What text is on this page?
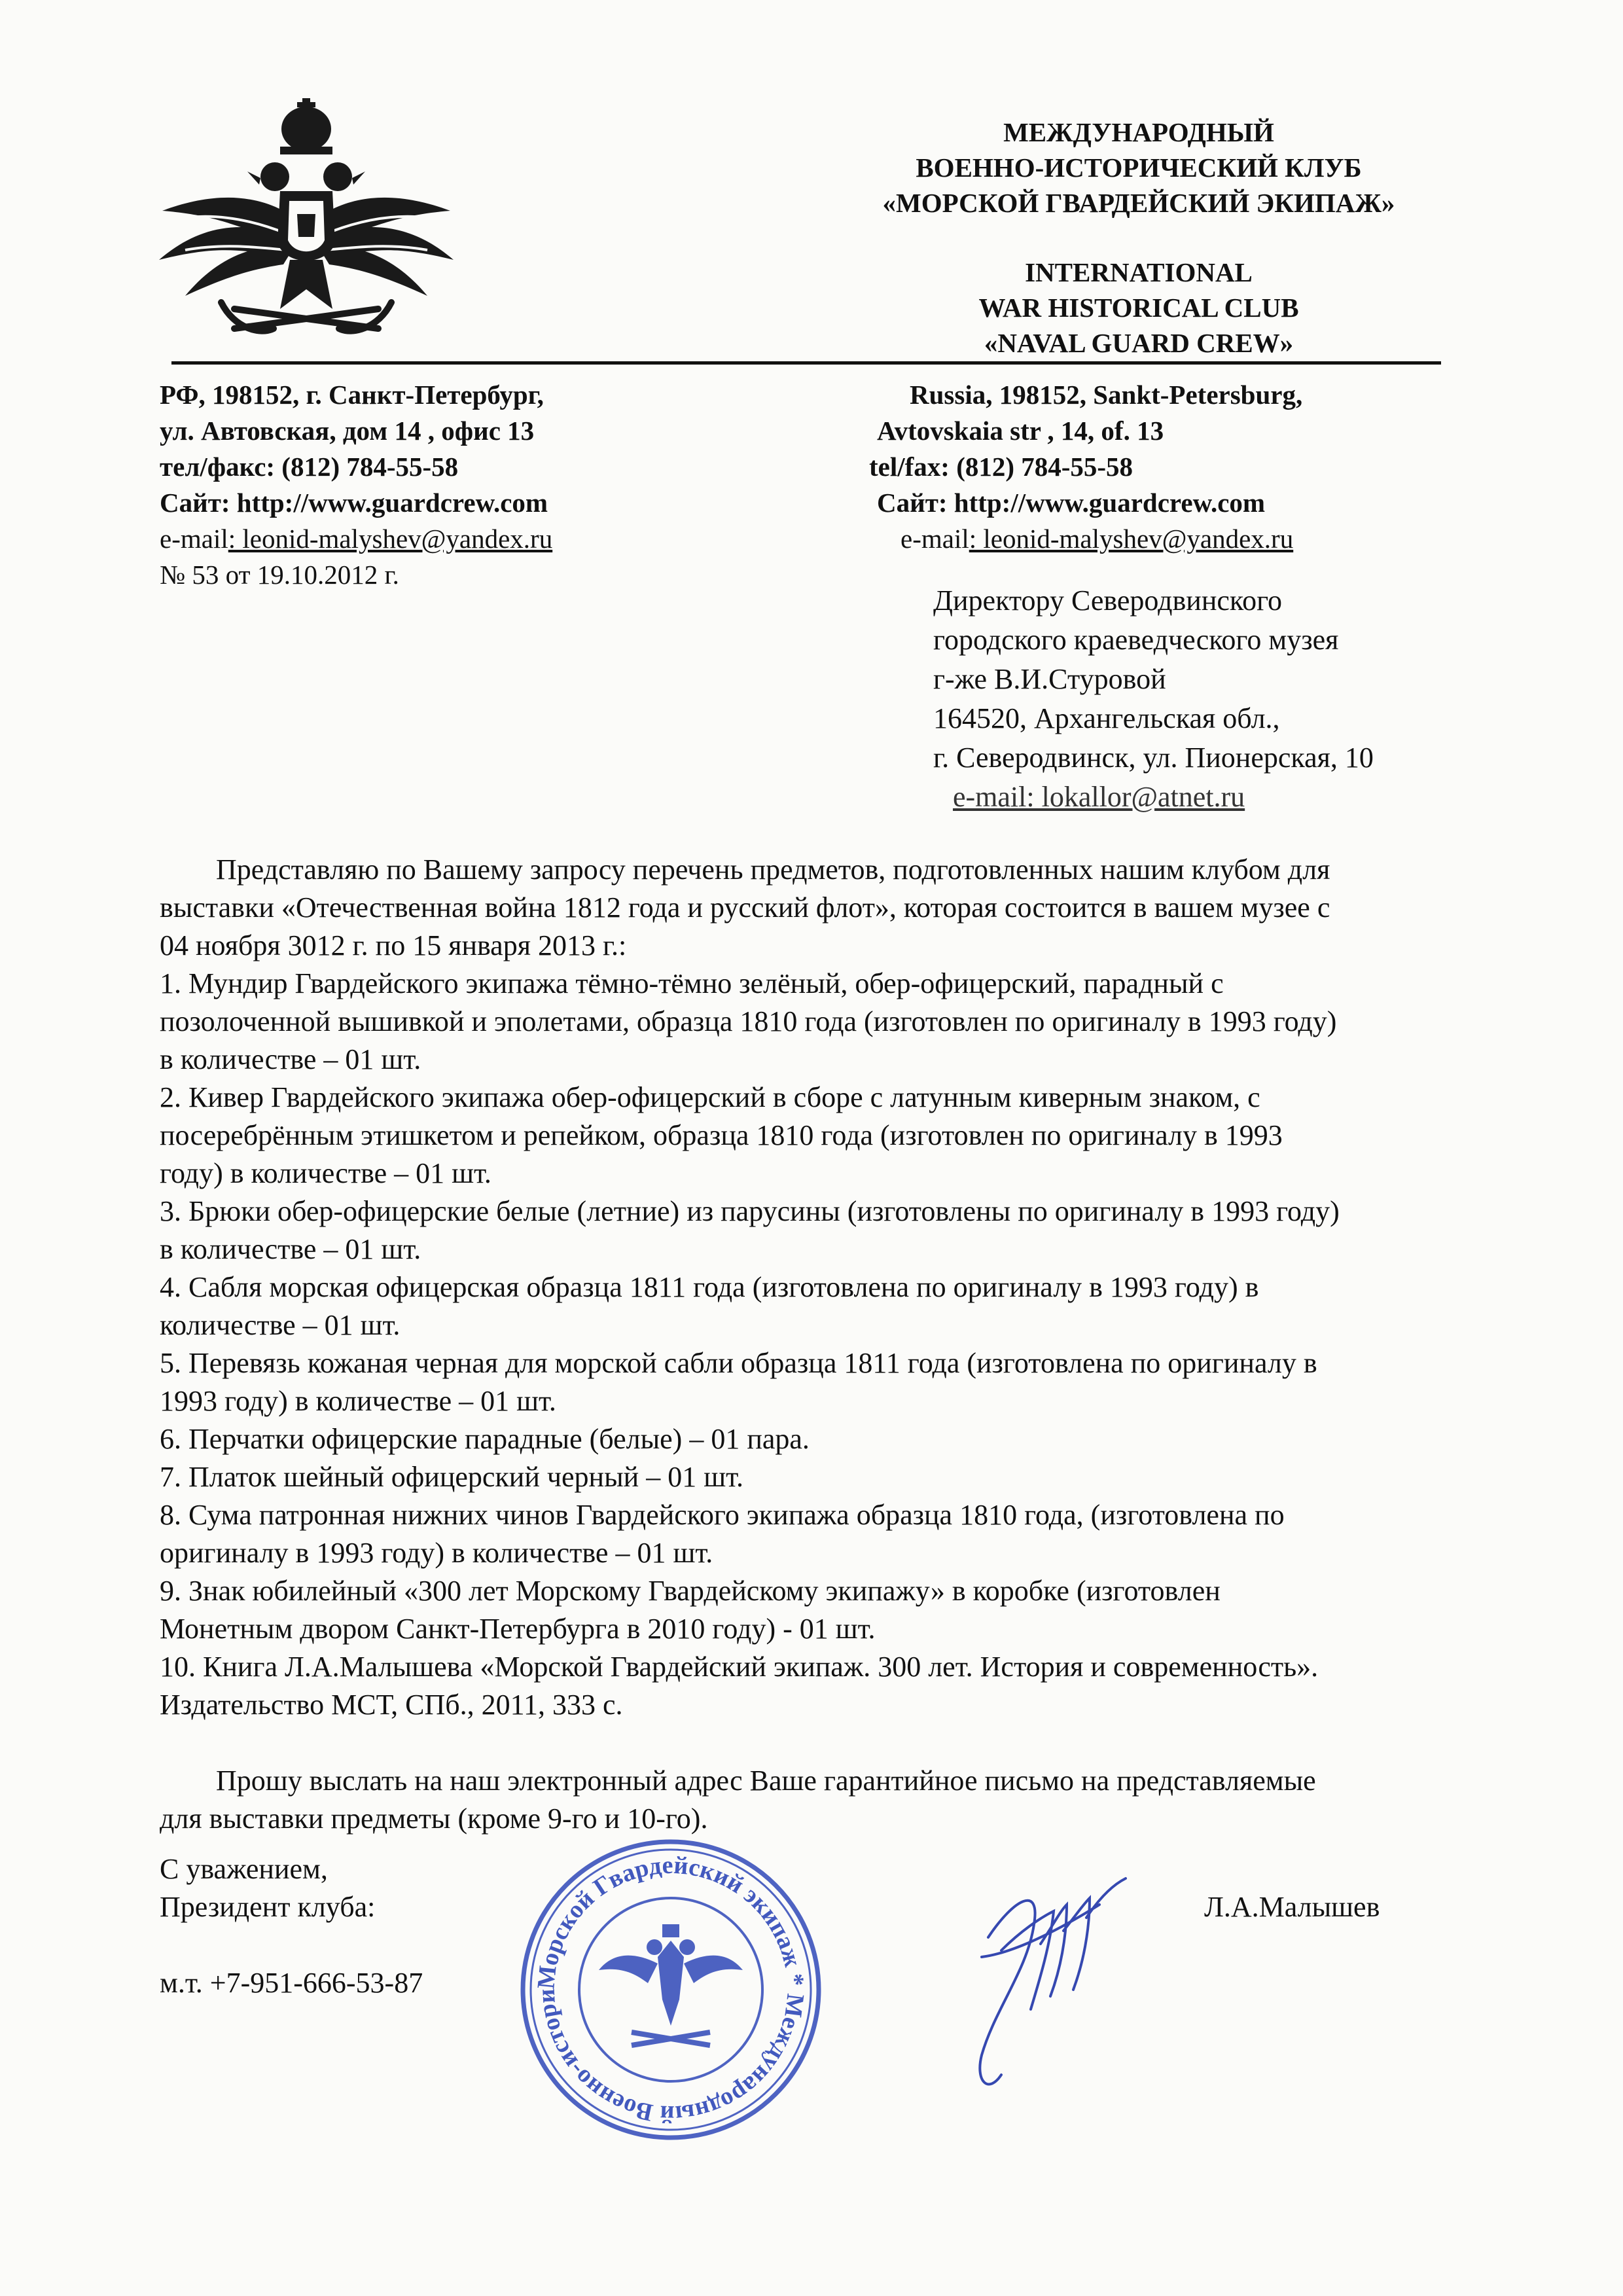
МЕЖДУНАРОДНЫЙ
ВОЕННО-ИСТОРИЧЕСКИЙ КЛУБ
«МОРСКОЙ ГВАРДЕЙСКИЙ ЭКИПАЖ»
INTERNATIONAL
WAR HISTORICAL CLUB
«NAVAL GUARD CREW»
РФ, 198152, г. Санкт-Петербург,
ул. Автовская, дом 14 , офис 13
тел/факс: (812) 784-55-58
Сайт: http://www.guardcrew.com
e-mail: leonid-malyshev@yandex.ru
№ 53 от 19.10.2012 г.
Russia, 198152, Sankt-Petersburg,
Avtovskaia str , 14, of. 13
tel/fax: (812) 784-55-58
Сайт: http://www.guardcrew.com
e-mail: leonid-malyshev@yandex.ru
Директору Северодвинского
городского краеведческого музея
г-же В.И.Стуровой
164520, Архангельская обл.,
г. Северодвинск, ул. Пионерская, 10
e-mail: lokallor@atnet.ru
Представляю по Вашему запросу перечень предметов, подготовленных нашим клубом для
выставки «Отечественная война 1812 года и русский флот», которая состоится в вашем музее с
04 ноября 3012 г. по 15 января 2013 г.:
1. Мундир Гвардейского экипажа тёмно-тёмно зелёный, обер-офицерский, парадный с
позолоченной вышивкой и эполетами, образца 1810 года (изготовлен по оригиналу в 1993 году)
в количестве – 01 шт.
2. Кивер Гвардейского экипажа обер-офицерский в сборе с латунным киверным знаком, с
посеребрённым этишкетом и репейком, образца 1810 года (изготовлен по оригиналу в 1993
году) в количестве – 01 шт.
3. Брюки обер-офицерские белые (летние) из парусины (изготовлены по оригиналу в 1993 году)
в количестве – 01 шт.
4. Сабля морская офицерская образца 1811 года (изготовлена по оригиналу в 1993 году) в
количестве – 01 шт.
5. Перевязь кожаная черная для морской сабли образца 1811 года (изготовлена по оригиналу в
1993 году) в количестве – 01 шт.
6. Перчатки офицерские парадные (белые) – 01 пара.
7. Платок шейный офицерский черный – 01 шт.
8. Сума патронная нижних чинов Гвардейского экипажа образца 1810 года, (изготовлена по
оригиналу в 1993 году) в количестве – 01 шт.
9. Знак юбилейный «300 лет Морскому Гвардейскому экипажу» в коробке (изготовлен
Монетным двором Санкт-Петербурга в 2010 году) - 01 шт.
10. Книга Л.А.Малышева «Морской Гвардейский экипаж. 300 лет. История и современность».
Издательство МСТ, СПб., 2011, 333 с.
Прошу выслать на наш электронный адрес Ваше гарантийное письмо на представляемые
для выставки предметы (кроме 9-го и 10-го).
С уважением,
Президент клуба:
м.т. +7-951-666-53-87
Л.А.Малышев
Морской Гвардейский экипаж * Международный Военно-истори
